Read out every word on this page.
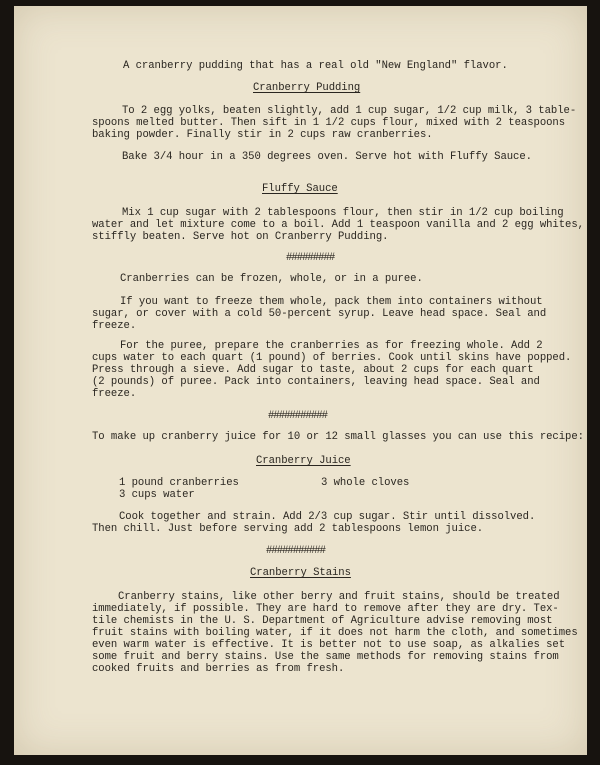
A cranberry pudding that has a real old "New England" flavor.
Cranberry Pudding
To 2 egg yolks, beaten slightly, add 1 cup sugar, 1/2 cup milk, 3 table-
spoons melted butter. Then sift in 1 1/2 cups flour, mixed with 2 teaspoons
baking powder. Finally stir in 2 cups raw cranberries.
Bake 3/4 hour in a 350 degrees oven. Serve hot with Fluffy Sauce.
Fluffy Sauce
Mix 1 cup sugar with 2 tablespoons flour, then stir in 1/2 cup boiling
water and let mixture come to a boil. Add 1 teaspoon vanilla and 2 egg whites,
stiffly beaten. Serve hot on Cranberry Pudding.
#########
Cranberries can be frozen, whole, or in a puree.
If you want to freeze them whole, pack them into containers without
sugar, or cover with a cold 50-percent syrup. Leave head space. Seal and
freeze.
For the puree, prepare the cranberries as for freezing whole. Add 2
cups water to each quart (1 pound) of berries. Cook until skins have popped.
Press through a sieve. Add sugar to taste, about 2 cups for each quart
(2 pounds) of puree. Pack into containers, leaving head space. Seal and
freeze.
###########
To make up cranberry juice for 10 or 12 small glasses you can use this recipe:
Cranberry Juice
1 pound cranberries	3 whole cloves
3 cups water
Cook together and strain. Add 2/3 cup sugar. Stir until dissolved.
Then chill. Just before serving add 2 tablespoons lemon juice.
###########
Cranberry Stains
Cranberry stains, like other berry and fruit stains, should be treated
immediately, if possible. They are hard to remove after they are dry. Tex-
tile chemists in the U. S. Department of Agriculture advise removing most
fruit stains with boiling water, if it does not harm the cloth, and sometimes
even warm water is effective. It is better not to use soap, as alkalies set
some fruit and berry stains. Use the same methods for removing stains from
cooked fruits and berries as from fresh.
